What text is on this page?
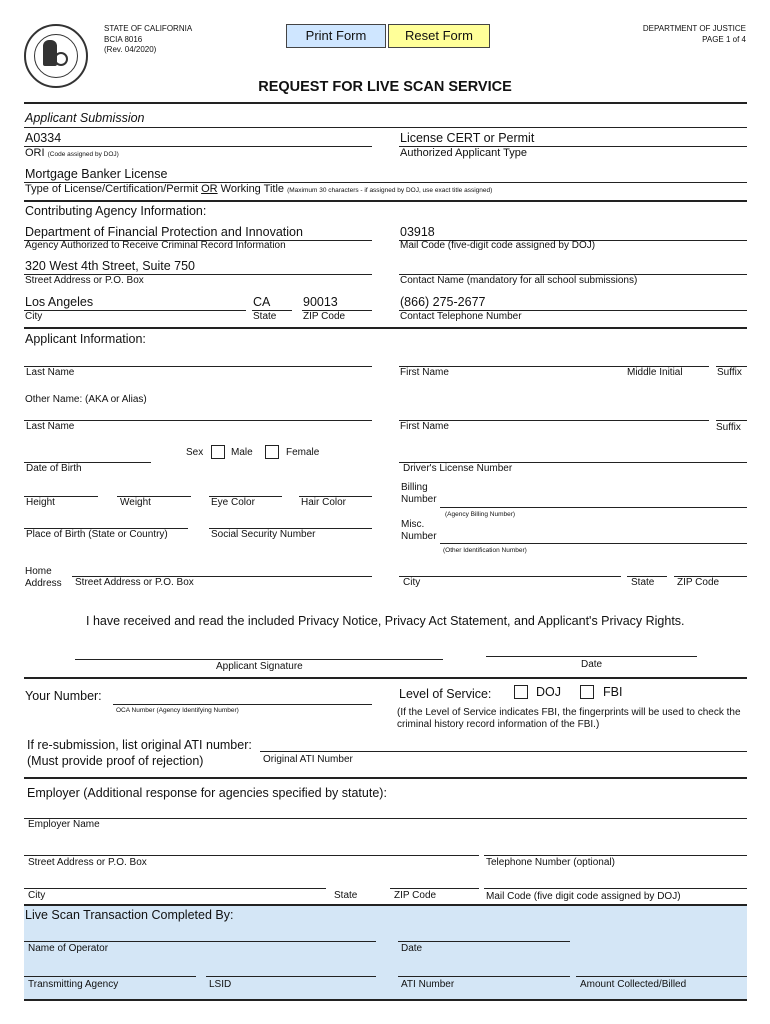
STATE OF CALIFORNIA
BCIA 8016
(Rev. 04/2020)
Print Form	Reset Form	DEPARTMENT OF JUSTICE
PAGE 1 of 4
REQUEST FOR LIVE SCAN SERVICE
Applicant Submission
A0334
ORI (Code assigned by DOJ)
License CERT or Permit
Authorized Applicant Type
Mortgage Banker License
Type of License/Certification/Permit OR Working Title (Maximum 30 characters - if assigned by DOJ, use exact title assigned)
Contributing Agency Information:
Department of Financial Protection and Innovation
Agency Authorized to Receive Criminal Record Information
03918
Mail Code (five-digit code assigned by DOJ)
320 West 4th Street, Suite 750
Street Address or P.O. Box	Contact Name (mandatory for all school submissions)
Los Angeles
City
CA
State
90013
ZIP Code
(866) 275-2677
Contact Telephone Number
Applicant Information:
Last Name	First Name	Middle Initial	Suffix
Other Name: (AKA or Alias)
Last Name	First Name	Suffix
Sex	Male	Female
Date of Birth	Driver's License Number
Height	Weight	Eye Color	Hair Color
Billing
Number
(Agency Billing Number)
Place of Birth (State or Country)	Social Security Number
Misc.
Number
(Other Identification Number)
Home
Address Street Address or P.O. Box	City	State ZIP Code
I have received and read the included Privacy Notice, Privacy Act Statement, and Applicant's Privacy Rights.
Applicant Signature	Date
Your Number:
OCA Number (Agency Identifying Number)
Level of Service:	DOJ	FBI
(If the Level of Service indicates FBI, the fingerprints will be used to check the
criminal history record information of the FBI.)
If re-submission, list original ATI number:
(Must provide proof of rejection)	Original ATI Number
Employer (Additional response for agencies specified by statute):
Employer Name
Street Address or P.O. Box	Telephone Number (optional)
City	State	ZIP Code	Mail Code (five digit code assigned by DOJ)
Live Scan Transaction Completed By:
Name of Operator	Date
Transmitting Agency	LSID	ATI Number	Amount Collected/Billed
